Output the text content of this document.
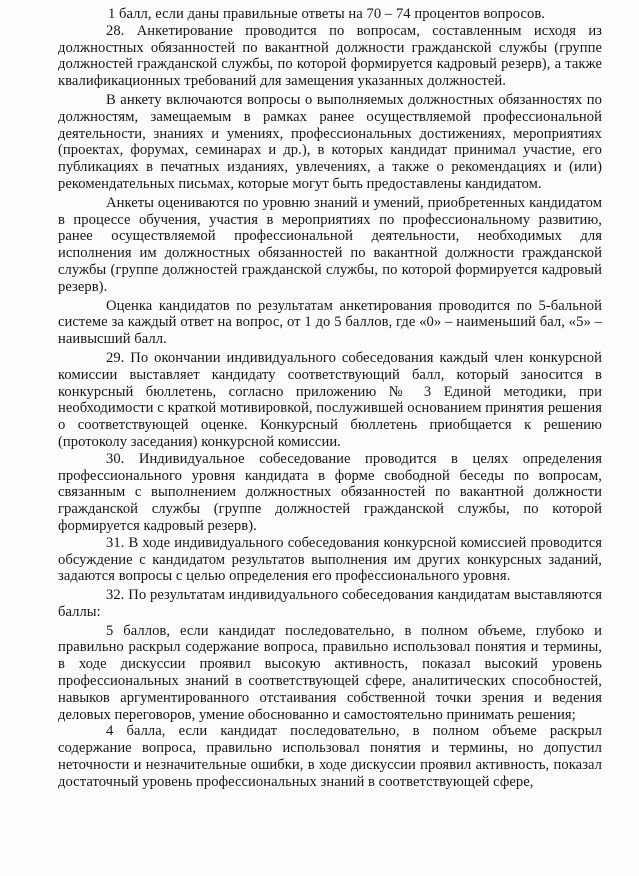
1 балл, если даны правильные ответы на 70 – 74 процентов вопросов.

28. Анкетирование проводится по вопросам, составленным исходя из должностных обязанностей по вакантной должности гражданской службы (группе должностей гражданской службы, по которой формируется кадровый резерв), а также квалификационных требований для замещения указанных должностей.

В анкету включаются вопросы о выполняемых должностных обязанностях по должностям, замещаемым в рамках ранее осуществляемой профессиональной деятельности, знаниях и умениях, профессиональных достижениях, мероприятиях (проектах, форумах, семинарах и др.), в которых кандидат принимал участие, его публикациях в печатных изданиях, увлечениях, а также о рекомендациях и (или) рекомендательных письмах, которые могут быть предоставлены кандидатом.

Анкеты оцениваются по уровню знаний и умений, приобретенных кандидатом в процессе обучения, участия в мероприятиях по профессиональному развитию, ранее осуществляемой профессиональной деятельности, необходимых для исполнения им должностных обязанностей по вакантной должности гражданской службы (группе должностей гражданской службы, по которой формируется кадровый резерв).

Оценка кандидатов по результатам анкетирования проводится по 5-бальной системе за каждый ответ на вопрос, от 1 до 5 баллов, где «0» – наименьший бал, «5» – наивысший балл.

29. По окончании индивидуального собеседования каждый член конкурсной комиссии выставляет кандидату соответствующий балл, который заносится в конкурсный бюллетень, согласно приложению № 3 Единой методики, при необходимости с краткой мотивировкой, послужившей основанием принятия решения о соответствующей оценке. Конкурсный бюллетень приобщается к решению (протоколу заседания) конкурсной комиссии.

30. Индивидуальное собеседование проводится в целях определения профессионального уровня кандидата в форме свободной беседы по вопросам, связанным с выполнением должностных обязанностей по вакантной должности гражданской службы (группе должностей гражданской службы, по которой формируется кадровый резерв).

31. В ходе индивидуального собеседования конкурсной комиссией проводится обсуждение с кандидатом результатов выполнения им других конкурсных заданий, задаются вопросы с целью определения его профессионального уровня.

32. По результатам индивидуального собеседования кандидатам выставляются баллы:

5 баллов, если кандидат последовательно, в полном объеме, глубоко и правильно раскрыл содержание вопроса, правильно использовал понятия и термины, в ходе дискуссии проявил высокую активность, показал высокий уровень профессиональных знаний в соответствующей сфере, аналитических способностей, навыков аргументированного отстаивания собственной точки зрения и ведения деловых переговоров, умение обоснованно и самостоятельно принимать решения;

4 балла, если кандидат последовательно, в полном объеме раскрыл содержание вопроса, правильно использовал понятия и термины, но допустил неточности и незначительные ошибки, в ходе дискуссии проявил активность, показал достаточный уровень профессиональных знаний в соответствующей сфере,
